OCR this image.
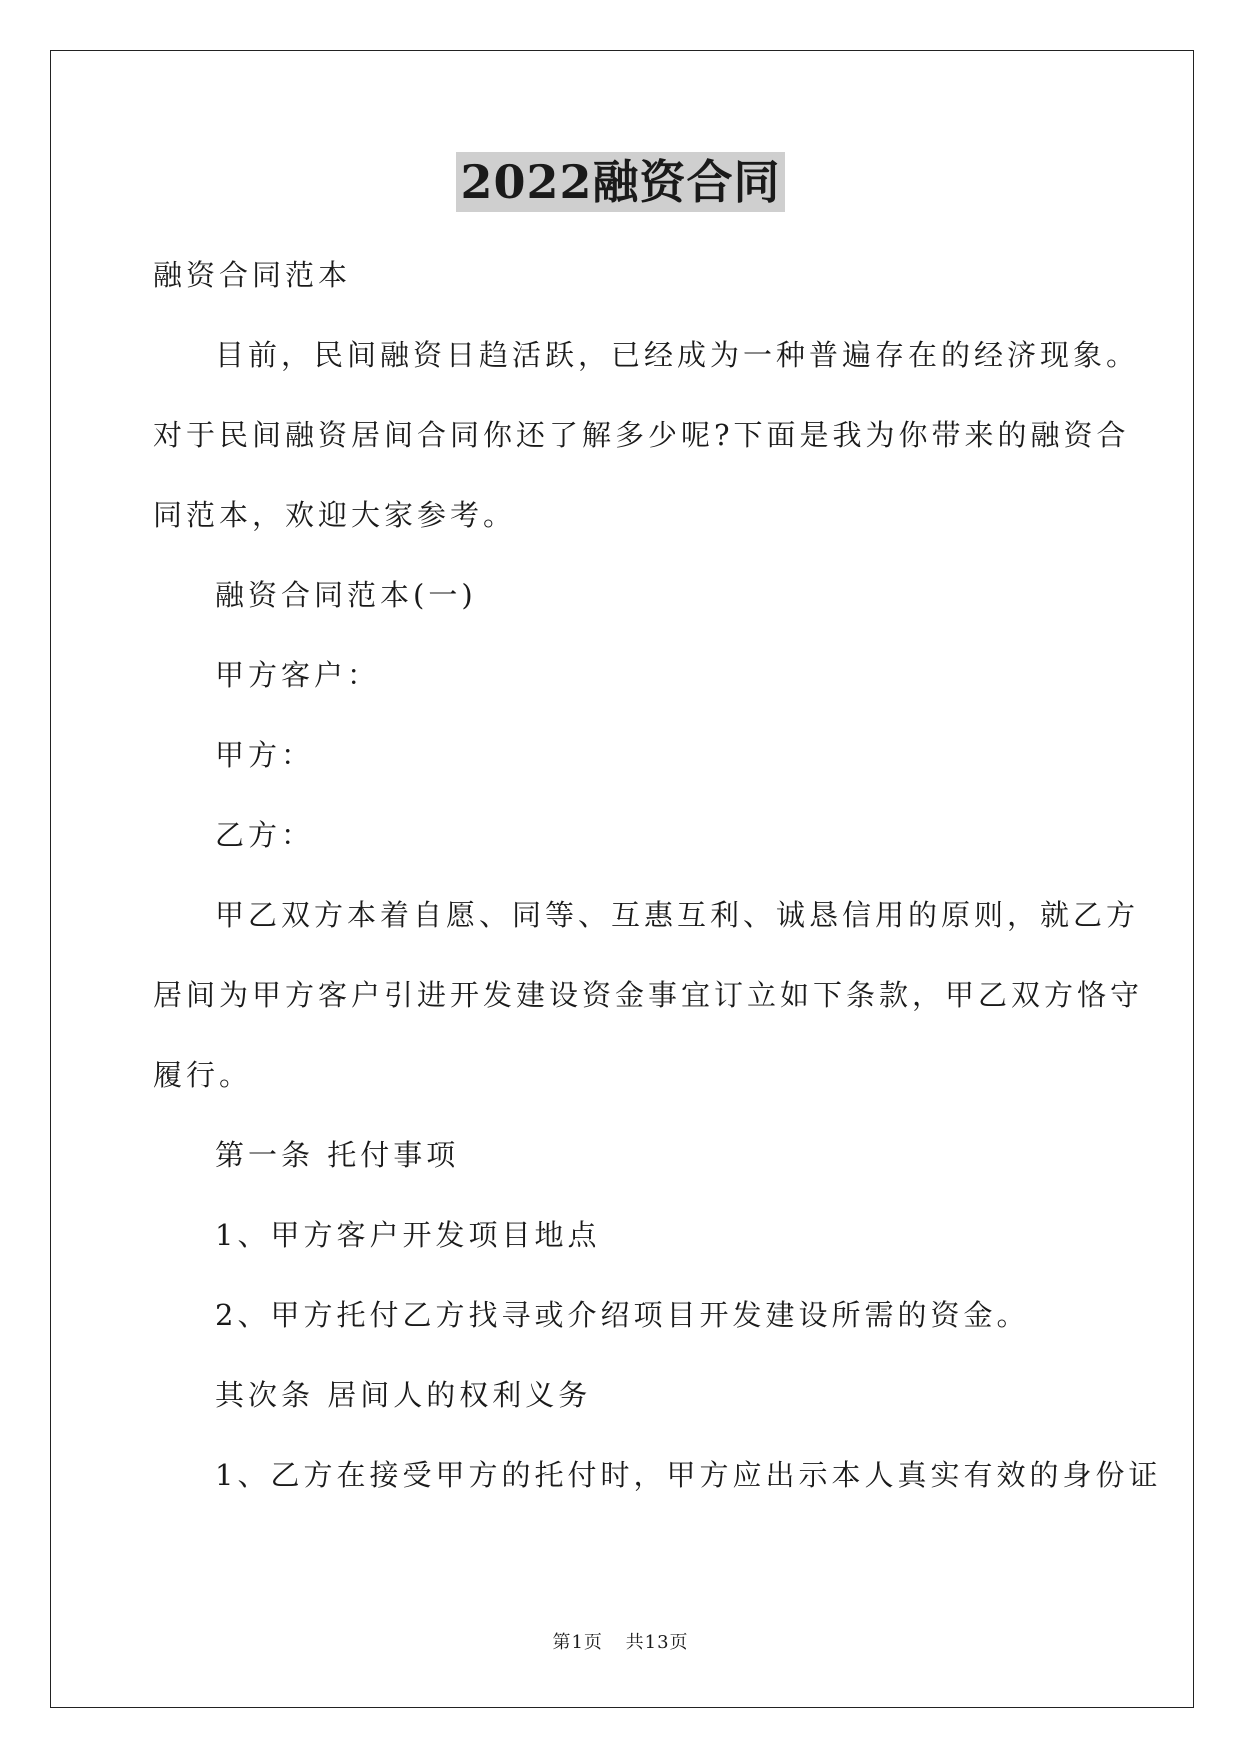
2022融资合同
融资合同范本
目前，民间融资日趋活跃，已经成为一种普遍存在的经济现象。
对于民间融资居间合同你还了解多少呢?下面是我为你带来的融资合
同范本，欢迎大家参考。
融资合同范本(一)
甲方客户：
甲方：
乙方：
甲乙双方本着自愿、同等、互惠互利、诚恳信用的原则，就乙方
居间为甲方客户引进开发建设资金事宜订立如下条款，甲乙双方恪守
履行。
第一条 托付事项
1、甲方客户开发项目地点
2、甲方托付乙方找寻或介绍项目开发建设所需的资金。
其次条 居间人的权利义务
1、乙方在接受甲方的托付时，甲方应出示本人真实有效的身份证
第1页 共13页
